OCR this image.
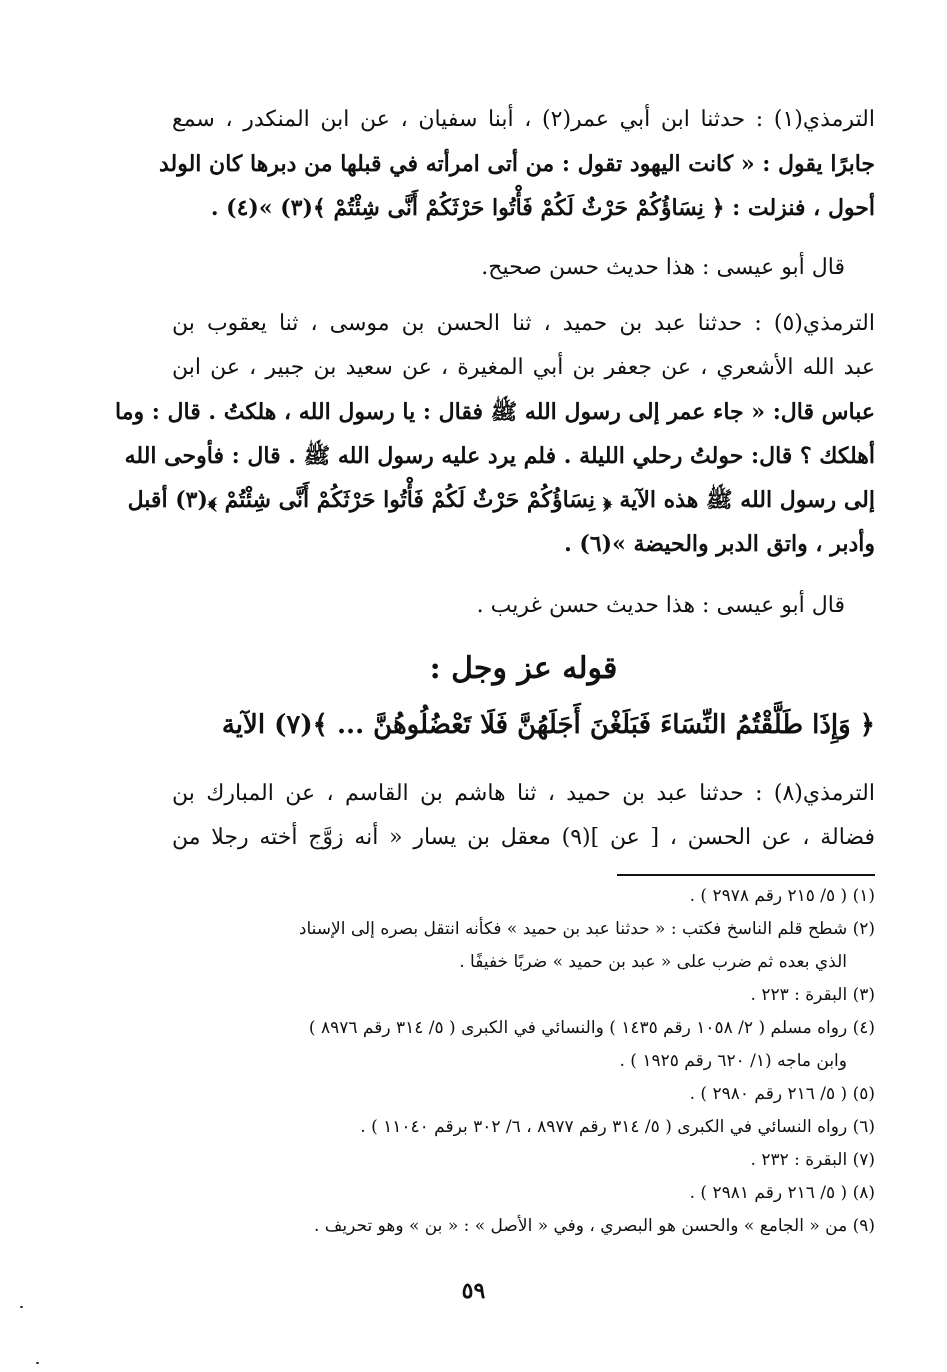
الترمذي(١) : حدثنا ابن أبي عمر(٢) ، أبنا سفيان ، عن ابن المنكدر ، سمع
جابرًا يقول : « كانت اليهود تقول : من أتى امرأته في قبلها من دبرها كان الولد
أحول ، فنزلت : ﴿ نِسَاؤُكُمْ حَرْثٌ لَكُمْ فَأْتُوا حَرْثَكُمْ أَنَّى شِئْتُمْ ﴾(٣) »(٤) .
قال أبو عيسى : هذا حديث حسن صحيح.
الترمذي(٥) : حدثنا عبد بن حميد ، ثنا الحسن بن موسى ، ثنا يعقوب بن
عبد الله الأشعري ، عن جعفر بن أبي المغيرة ، عن سعيد بن جبير ، عن ابن
عباس قال: « جاء عمر إلى رسول الله ﷺ فقال : يا رسول الله ، هلكتُ . قال : وما
أهلكك ؟ قال: حولتُ رحلي الليلة . فلم يرد عليه رسول الله ﷺ . قال : فأوحى الله
إلى رسول الله ﷺ هذه الآية ﴿ نِسَاؤُكُمْ حَرْثٌ لَكُمْ فَأْتُوا حَرْثَكُمْ أَنَّى شِئْتُمْ ﴾(٣) أقبل
وأدبر ، واتق الدبر والحيضة »(٦) .
قال أبو عيسى : هذا حديث حسن غريب .
قوله عز وجل :
﴿ وَإِذَا طَلَّقْتُمُ النِّسَاءَ فَبَلَغْنَ أَجَلَهُنَّ فَلَا تَعْضُلُوهُنَّ ... ﴾(٧) الآية
الترمذي(٨) : حدثنا عبد بن حميد ، ثنا هاشم بن القاسم ، عن المبارك بن
فضالة ، عن الحسن ، [ عن ](٩) معقل بن يسار « أنه زوَّج أخته رجلا من
(١) ( ٥/ ٢١٥ رقم ٢٩٧٨ ) .
(٢) شطح قلم الناسخ فكتب : « حدثنا عبد بن حميد » فكأنه انتقل بصره إلى الإسناد
الذي بعده ثم ضرب على « عبد بن حميد » ضربًا خفيفًا .
(٣) البقرة : ٢٢٣ .
(٤) رواه مسلم ( ٢/ ١٠٥٨ رقم ١٤٣٥ ) والنسائي في الكبرى ( ٥/ ٣١٤ رقم ٨٩٧٦ )
وابن ماجه (١/ ٦٢٠ رقم ١٩٢٥ ) .
(٥) ( ٥/ ٢١٦ رقم ٢٩٨٠ ) .
(٦) رواه النسائي في الكبرى ( ٥/ ٣١٤ رقم ٨٩٧٧ ، ٦/ ٣٠٢ برقم ١١٠٤٠ ) .
(٧) البقرة : ٢٣٢ .
(٨) ( ٥/ ٢١٦ رقم ٢٩٨١ ) .
(٩) من « الجامع » والحسن هو البصري ، وفي « الأصل » : « بن » وهو تحريف .
٥٩
